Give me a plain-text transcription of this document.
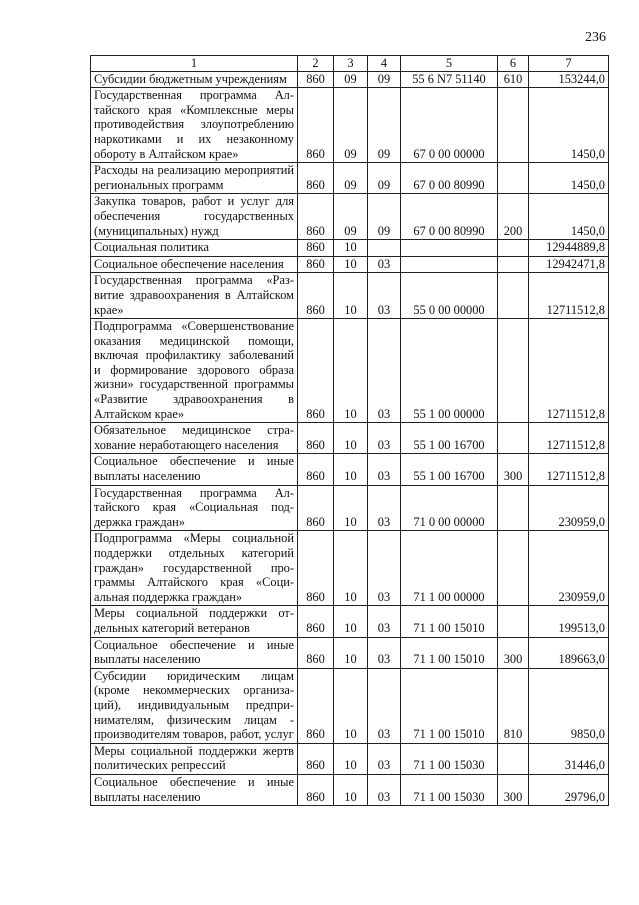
236
1	2	3	4	5	6	7
Субсидии бюджетным учреждениям	860	09	09	55 6 N7 51140	610	153244,0
Государственная программа Алтайского края «Комплексные меры противодействия злоупотреблению наркотиками и их незаконному обороту в Алтайском крае»	860	09	09	67 0 00 00000		1450,0
Расходы на реализацию мероприятий региональных программ	860	09	09	67 0 00 80990		1450,0
Закупка товаров, работ и услуг для обеспечения государственных (муниципальных) нужд	860	09	09	67 0 00 80990	200	1450,0
Социальная политика	860	10				12944889,8
Социальное обеспечение населения	860	10	03			12942471,8
Государственная программа «Развитие здравоохранения в Алтайском крае»	860	10	03	55 0 00 00000		12711512,8
Подпрограмма «Совершенствование оказания медицинской помощи, включая профилактику заболеваний и формирование здорового образа жизни» государственной программы «Развитие здравоохранения в Алтайском крае»	860	10	03	55 1 00 00000		12711512,8
Обязательное медицинское страхование неработающего населения	860	10	03	55 1 00 16700		12711512,8
Социальное обеспечение и иные выплаты населению	860	10	03	55 1 00 16700	300	12711512,8
Государственная программа Алтайского края «Социальная поддержка граждан»	860	10	03	71 0 00 00000		230959,0
Подпрограмма «Меры социальной поддержки отдельных категорий граждан» государственной программы Алтайского края «Социальная поддержка граждан»	860	10	03	71 1 00 00000		230959,0
Меры социальной поддержки отдельных категорий ветеранов	860	10	03	71 1 00 15010		199513,0
Социальное обеспечение и иные выплаты населению	860	10	03	71 1 00 15010	300	189663,0
Субсидии юридическим лицам (кроме некоммерческих организаций), индивидуальным предпринимателям, физическим лицам - производителям товаров, работ, услуг	860	10	03	71 1 00 15010	810	9850,0
Меры социальной поддержки жертв политических репрессий	860	10	03	71 1 00 15030		31446,0
Социальное обеспечение и иные выплаты населению	860	10	03	71 1 00 15030	300	29796,0
